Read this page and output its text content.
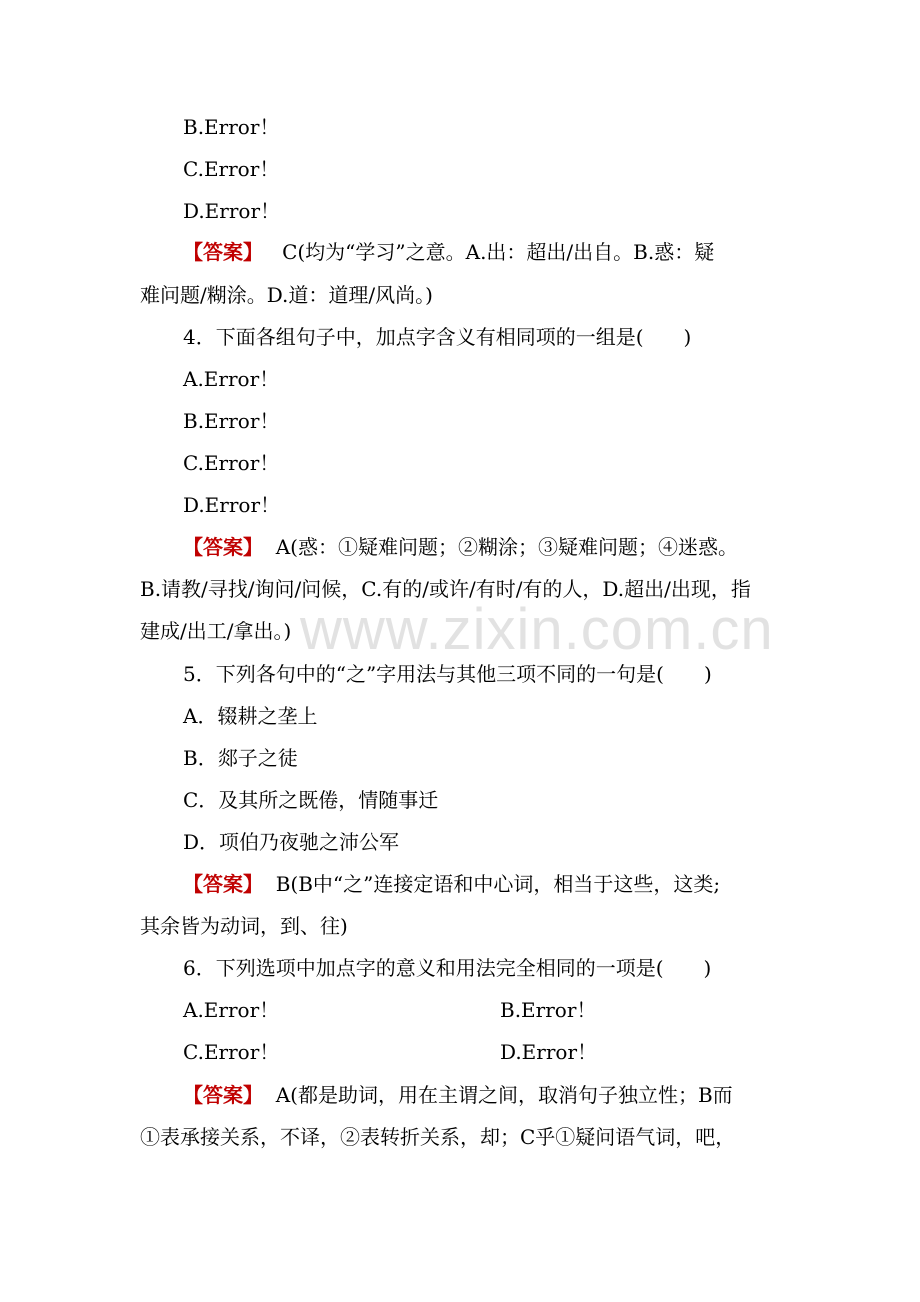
www.zixin.com.cn
B.Error！
C.Error！
D.Error！
【答案】 C(均为“学习”之意。A.出：超出/出自。B.惑：疑
难问题/糊涂。D.道：道理/风尚。)
4．下面各组句子中，加点字含义有相同项的一组是(　　)
A.Error！
B.Error！
C.Error！
D.Error！
【答案】 A(惑：①疑难问题；②糊涂；③疑难问题；④迷惑。
B.请教/寻找/询问/问候，C.有的/或许/有时/有的人，D.超出/出现，指
建成/出工/拿出。)
5．下列各句中的“之”字用法与其他三项不同的一句是(　　)
A．辍耕之垄上
B．郯子之徒
C．及其所之既倦，情随事迁
D．项伯乃夜驰之沛公军
【答案】 B(B中“之”连接定语和中心词，相当于这些，这类;
其余皆为动词，到、往)
6．下列选项中加点字的意义和用法完全相同的一项是(　　)
A.Error！	B.Error！
C.Error！	D.Error！
【答案】 A(都是助词，用在主谓之间，取消句子独立性；B而
①表承接关系，不译，②表转折关系，却；C乎①疑问语气词，吧，
